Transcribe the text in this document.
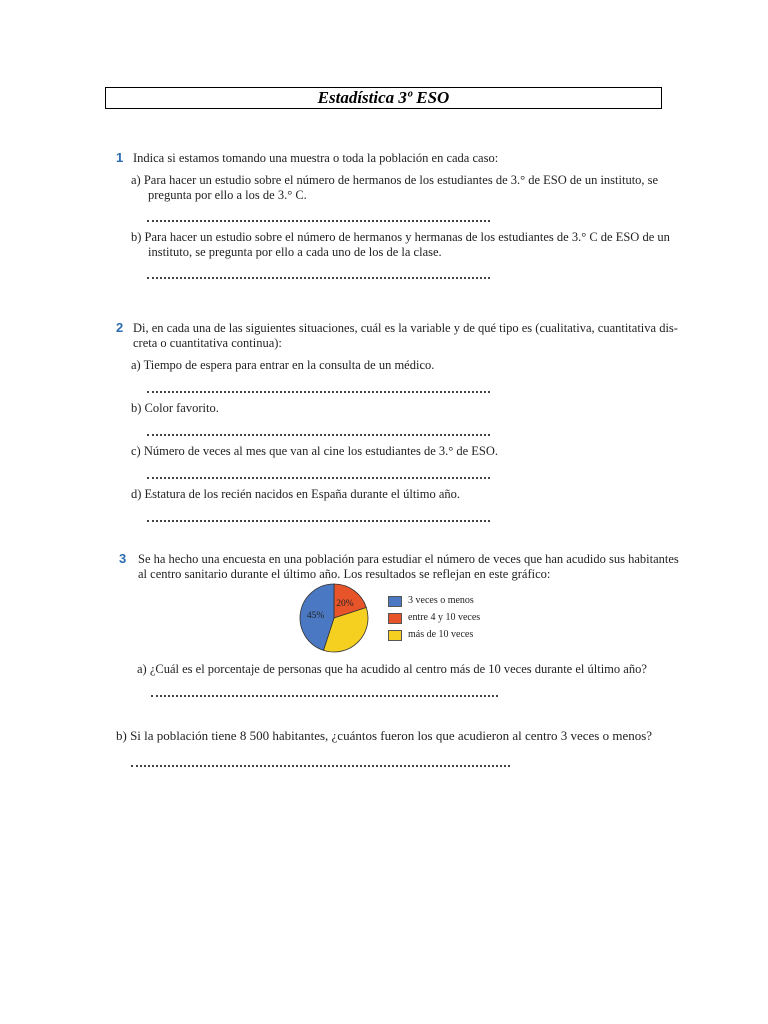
Estadística 3º ESO
1 Indica si estamos tomando una muestra o toda la población en cada caso:
a) Para hacer un estudio sobre el número de hermanos de los estudiantes de 3.° de ESO de un instituto, se
pregunta por ello a los de 3.° C.
b) Para hacer un estudio sobre el número de hermanos y hermanas de los estudiantes de 3.° C de ESO de un
instituto, se pregunta por ello a cada uno de los de la clase.
2 Di, en cada una de las siguientes situaciones, cuál es la variable y de qué tipo es (cualitativa, cuantitativa dis-
creta o cuantitativa continua):
a) Tiempo de espera para entrar en la consulta de un médico.
b) Color favorito.
c) Número de veces al mes que van al cine los estudiantes de 3.° de ESO.
d) Estatura de los recién nacidos en España durante el último año.
3 Se ha hecho una encuesta en una población para estudiar el número de veces que han acudido sus habitantes
al centro sanitario durante el último año. Los resultados se reflejan en este gráfico:
20%
45%
3 veces o menos
entre 4 y 10 veces
más de 10 veces
a) ¿Cuál es el porcentaje de personas que ha acudido al centro más de 10 veces durante el último año?
b) Si la población tiene 8 500 habitantes, ¿cuántos fueron los que acudieron al centro 3 veces o menos?
